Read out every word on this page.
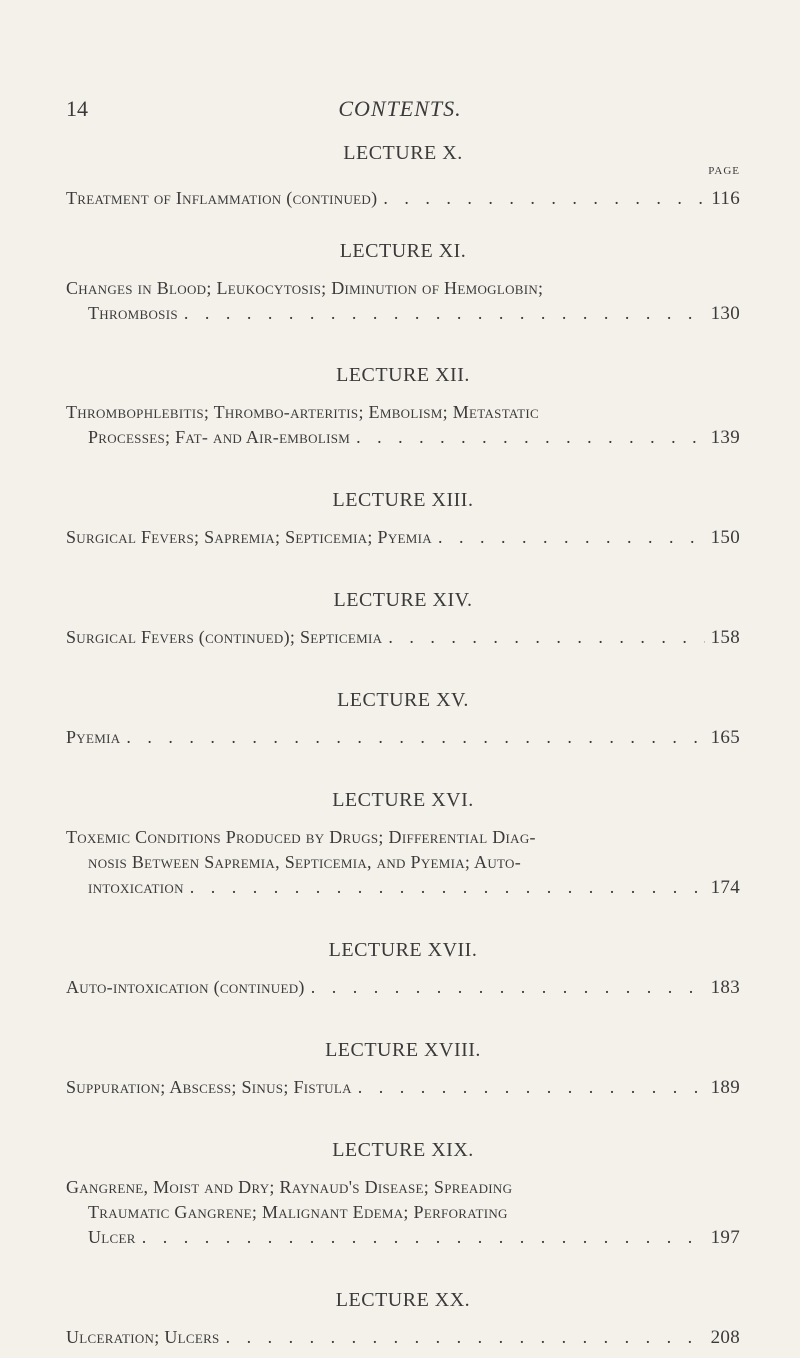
14	CONTENTS.
PAGE
LECTURE X.
Treatment of Inflammation (continued) . . .	116
LECTURE XI.
Changes in Blood; Leukocytosis; Diminution of Hemoglobin;
Thrombosis . . .	130
LECTURE XII.
Thrombophlebitis; Thrombo-arteritis; Embolism; Metastatic
Processes; Fat- and Air-embolism . . .	139
LECTURE XIII.
Surgical Fevers; Sapremia; Septicemia; Pyemia . . .	150
LECTURE XIV.
Surgical Fevers (continued); Septicemia . . .	158
LECTURE XV.
Pyemia . . .	165
LECTURE XVI.
Toxemic Conditions Produced by Drugs; Differential Diag-
nosis Between Sapremia, Septicemia, and Pyemia; Auto-
intoxication . . .	174
LECTURE XVII.
Auto-intoxication (continued) . . .	183
LECTURE XVIII.
Suppuration; Abscess; Sinus; Fistula . . .	189
LECTURE XIX.
Gangrene, Moist and Dry; Raynaud's Disease; Spreading
Traumatic Gangrene; Malignant Edema; Perforating
Ulcer . . .	197
LECTURE XX.
Ulceration; Ulcers . . .	208
